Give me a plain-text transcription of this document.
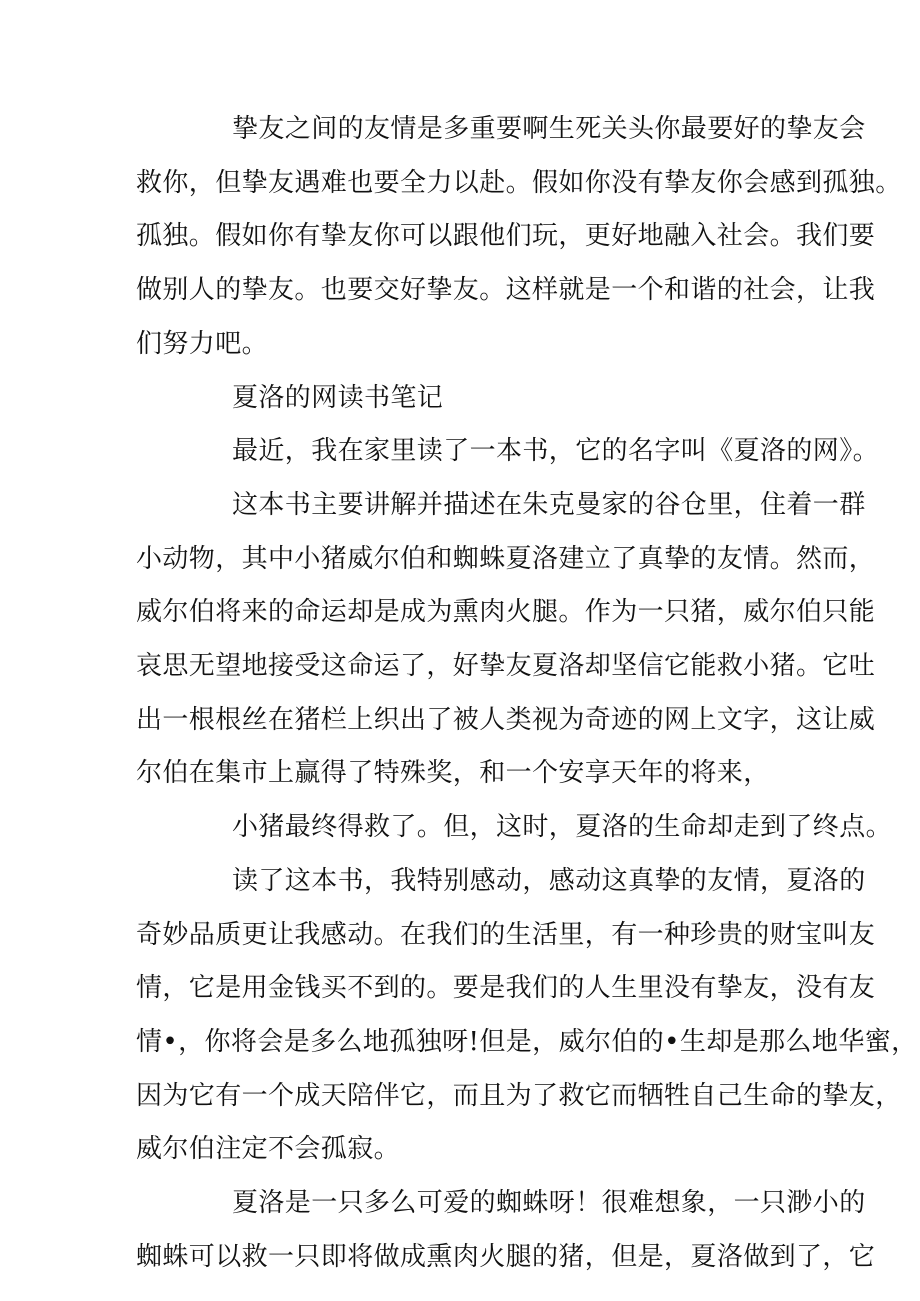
挚友之间的友情是多重要啊生死关头你最要好的挚友会
救你，但挚友遇难也要全力以赴。假如你没有挚友你会感到孤独。
孤独。假如你有挚友你可以跟他们玩，更好地融入社会。我们要
做别人的挚友。也要交好挚友。这样就是一个和谐的社会，让我
们努力吧。
夏洛的网读书笔记
最近，我在家里读了一本书，它的名字叫《夏洛的网》。
这本书主要讲解并描述在朱克曼家的谷仓里，住着一群
小动物，其中小猪威尔伯和蜘蛛夏洛建立了真挚的友情。然而，
威尔伯将来的命运却是成为熏肉火腿。作为一只猪，威尔伯只能
哀思无望地接受这命运了，好挚友夏洛却坚信它能救小猪。它吐
出一根根丝在猪栏上织出了被人类视为奇迹的网上文字，这让威
尔伯在集市上赢得了特殊奖，和一个安享天年的将来，
小猪最终得救了。但，这时，夏洛的生命却走到了终点。
读了这本书，我特别感动，感动这真挚的友情，夏洛的
奇妙品质更让我感动。在我们的生活里，有一种珍贵的财宝叫友
情，它是用金钱买不到的。要是我们的人生里没有挚友，没有友
情•，你将会是多么地孤独呀!但是，威尔伯的•生却是那么地华蜜，
因为它有一个成天陪伴它，而且为了救它而牺牲自己生命的挚友，
威尔伯注定不会孤寂。
夏洛是一只多么可爱的蜘蛛呀！很难想象，一只渺小的
蜘蛛可以救一只即将做成熏肉火腿的猪，但是，夏洛做到了，它
